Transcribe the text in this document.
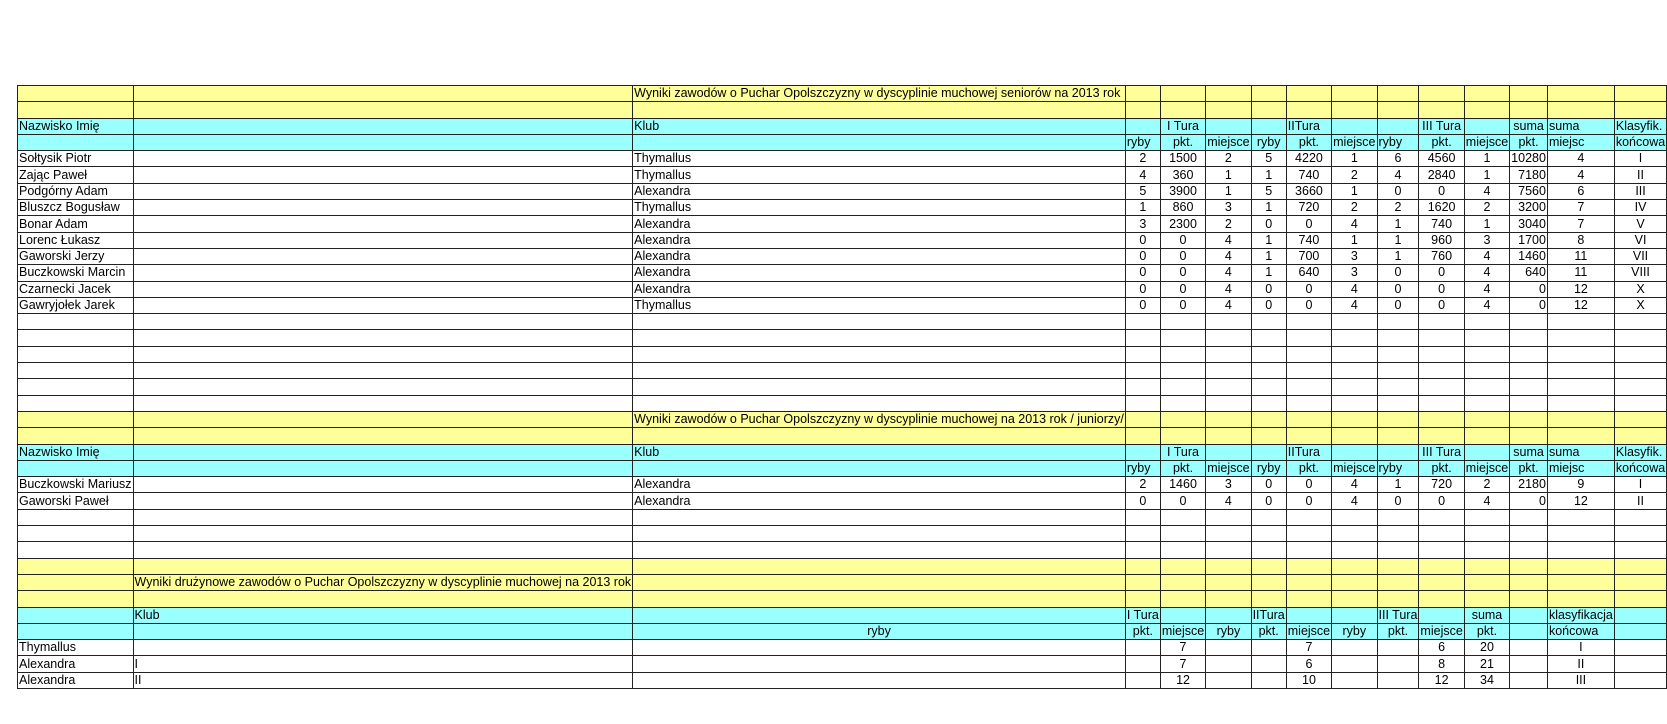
		Wyniki zawodów o Puchar Opolszczyzny w dyscyplinie muchowej seniorów na 2013 rok												

Nazwisko Imię		Klub		I Tura			IITura			III Tura		suma	suma	Klasyfik.
			ryby	pkt.	miejsce	ryby	pkt.	miejsce	ryby	pkt.	miejsce	pkt.	miejsc	końcowa
Sołtysik Piotr		Thymallus	2	1500	2	5	4220	1	6	4560	1	10280	4	I
Zając Paweł		Thymallus	4	360	1	1	740	2	4	2840	1	7180	4	II
Podgórny Adam		Alexandra	5	3900	1	5	3660	1	0	0	4	7560	6	III
Bluszcz Bogusław		Thymallus	1	860	3	1	720	2	2	1620	2	3200	7	IV
Bonar Adam		Alexandra	3	2300	2	0	0	4	1	740	1	3040	7	V
Lorenc Łukasz		Alexandra	0	0	4	1	740	1	1	960	3	1700	8	VI
Gaworski Jerzy		Alexandra	0	0	4	1	700	3	1	760	4	1460	11	VII
Buczkowski Marcin		Alexandra	0	0	4	1	640	3	0	0	4	640	11	VIII
Czarnecki Jacek		Alexandra	0	0	4	0	0	4	0	0	4	0	12	X
Gawryjołek Jarek		Thymallus	0	0	4	0	0	4	0	0	4	0	12	X

		Wyniki zawodów o Puchar Opolszczyzny w dyscyplinie muchowej na 2013 rok / juniorzy/												

Nazwisko Imię		Klub		I Tura			IITura			III Tura		suma	suma	Klasyfik.
			ryby	pkt.	miejsce	ryby	pkt.	miejsce	ryby	pkt.	miejsce	pkt.	miejsc	końcowa
Buczkowski Mariusz		Alexandra	2	1460	3	0	0	4	1	720	2	2180	9	I
Gaworski Paweł		Alexandra	0	0	4	0	0	4	0	0	4	0	12	II

	Wyniki drużynowe zawodów o Puchar Opolszczyzny w dyscyplinie muchowej na 2013 rok													

	Klub		I Tura			IITura			III Tura		suma		klasyfikacja	
		ryby	pkt.	miejsce	ryby	pkt.	miejsce	ryby	pkt.	miejsce	pkt.		końcowa	
Thymallus				7			7			6	20		I	
Alexandra	I			7			6			8	21		II	
Alexandra	II			12			10			12	34		III	
